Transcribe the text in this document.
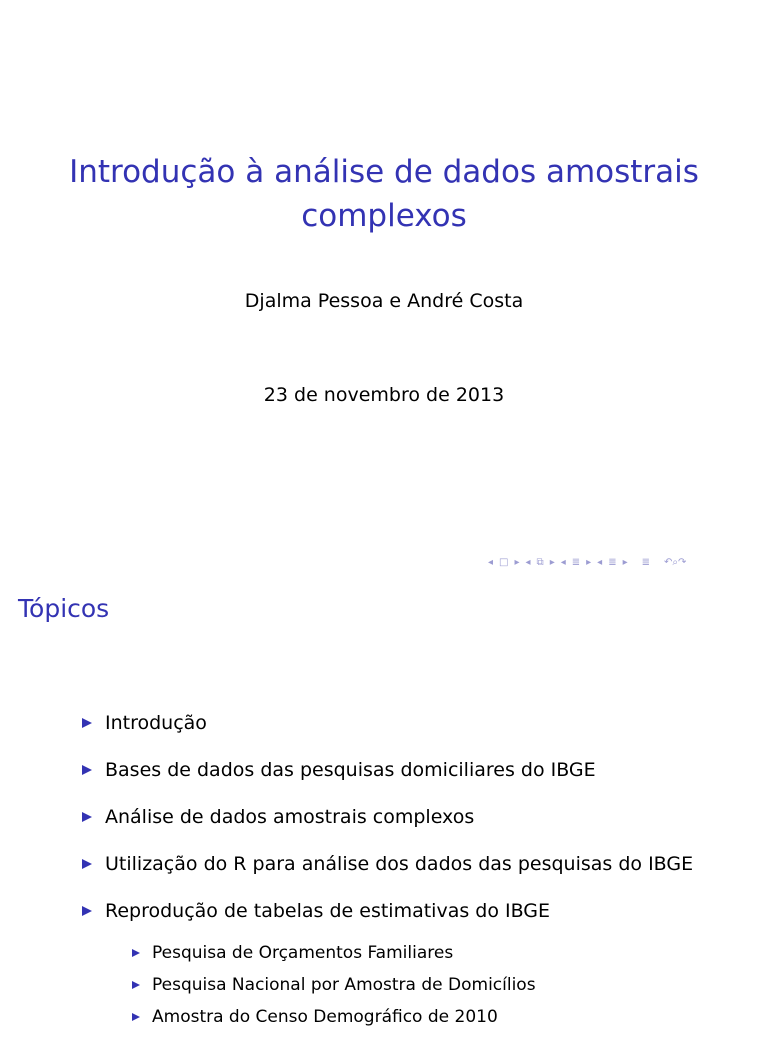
Introdução à análise de dados amostrais
complexos
Djalma Pessoa e André Costa
23 de novembro de 2013
◂ □ ▸ ◂ ⧉ ▸ ◂ ≣ ▸ ◂ ≣ ▸ ≣ ↶⌕↷
Tópicos
Introdução
Bases de dados das pesquisas domiciliares do IBGE
Análise de dados amostrais complexos
Utilização do R para análise dos dados das pesquisas do IBGE
Reprodução de tabelas de estimativas do IBGE
Pesquisa de Orçamentos Familiares
Pesquisa Nacional por Amostra de Domicílios
Amostra do Censo Demográfico de 2010
